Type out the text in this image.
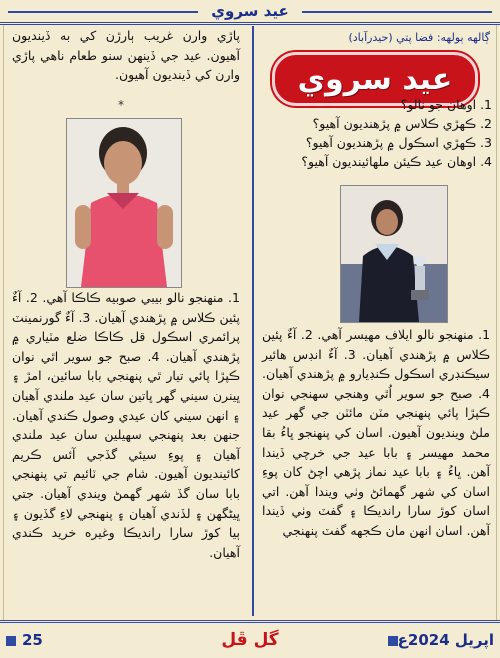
عيد سروي
ڳالهه ٻولهه: فضا پتي (حيدرآباد)
عيد سروي
1. اوهان جو نالو؟
2. ڪهڙي ڪلاس ۾ پڙهنديون آهيو؟
3. ڪهڙي اسڪول ۾ پڙهنديون آهيو؟
4. اوهان عيد ڪيئن ملهائينديون آهيو؟

1. منهنجو نالو ايلاف مهيسر آهي. 2. آءٌ پئين ڪلاس ۾ پڙهندي آهيان. 3. آءٌ انڊس هائير سيڪنڊري اسڪول ڪنڊيارو ۾ پڙهندي آهيان. 4. صبح جو سوير اُٿي وهنجي سهنجي نوان ڪپڙا پائي پنهنجي مٽن مائٽن جي گهر عيد ملڻ وينديون آهيون. اسان کي پنهنجو ڀاءُ بقا محمد مهيسر ۽ بابا عيد جي خرچي ڏيندا آهن. ڀاءُ ۽ بابا عيد نماز پڙهي اچڻ کان پوءِ اسان کي شهر گهمائڻ وٺي ويندا آهن. اتي اسان کوڙ سارا رانديڪا ۽ گفٽ وٺي ڏيندا آهن. اسان انهن مان ڪجهه گفٽ پنهنجي

پاڙي وارن غريب ٻارڙن کي به ڏينديون آهيون. عيد جي ڏينهن سنو طعام ناهي پاڙي وارن کي ڏينديون آهيون.

*

1. منهنجو نالو بيبي صوبيه ڪاڪا آهي. 2. آءٌ پئين ڪلاس ۾ پڙهندي آهيان. 3. آءٌ گورنمينٽ پرائمري اسڪول قل ڪاڪا ضلع مٽياري ۾ پڙهندي آهيان. 4. صبح جو سوير اٿي نوان ڪپڙا پائي تيار ٿي پنهنجي بابا سائين، امڙ ۽ ڀينرن سيني گهر ڀاتين سان عيد ملندي آهيان ۽ انهن سيني کان عيدي وصول ڪندي آهيان. جنهن بعد پنهنجي سهيلين سان عيد ملندي آهيان ۽ پوءِ سيئي گڏجي آئس ڪريم کائينديون آهيون. شام جي ٽائيم تي پنهنجي بابا سان گڏ شهر گهمڻ ويندي آهيان. جتي ڀيڻگهن ۽ لڏندي آهيان ۽ پنهنجي لاءِ گڏيون ۽ ٻيا کوڙ سارا رانديڪا وغيره خريد ڪندي آهيان.

25	گل ڦل	اپريل 2024ع
